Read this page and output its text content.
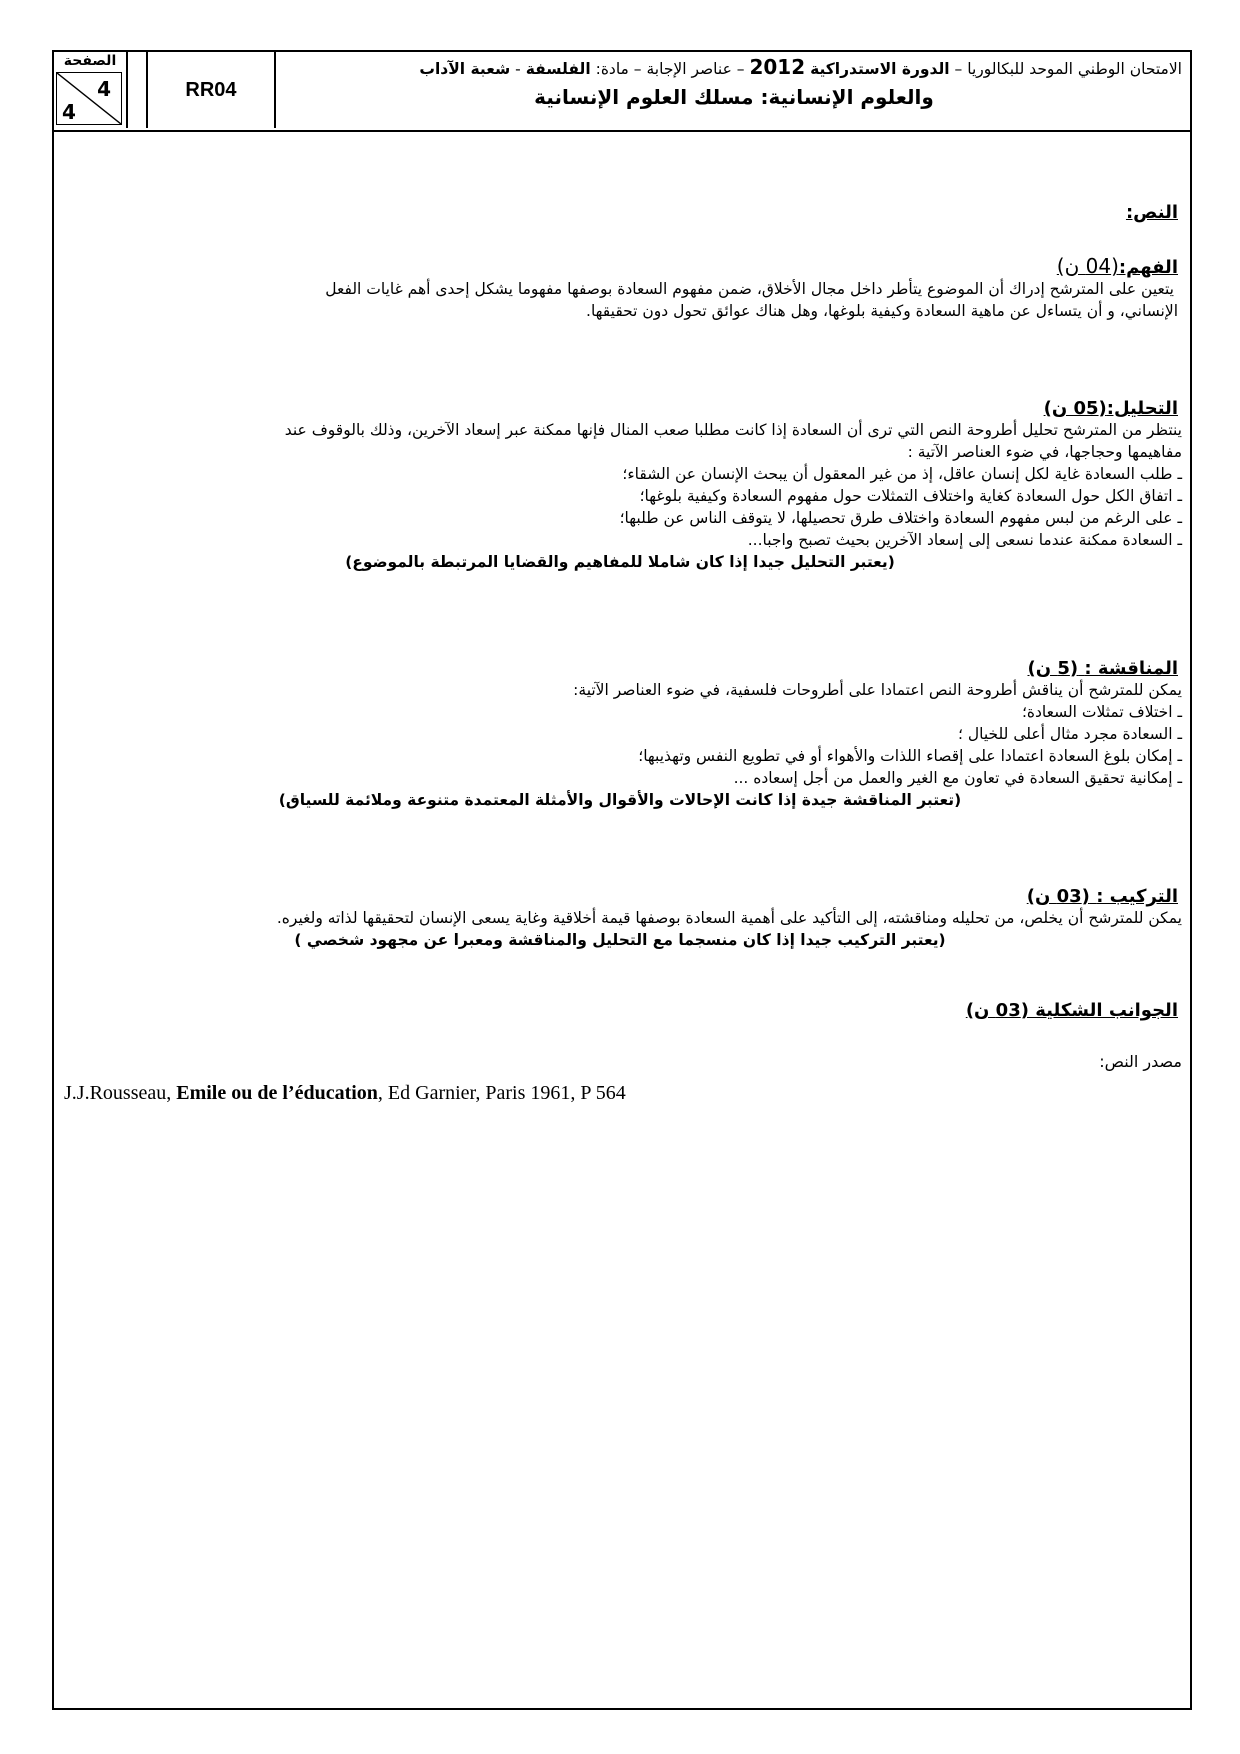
الصفحة
4
4
RR04
الامتحان الوطني الموحد للبكالوريا – الدورة الاستدراكية 2012 – عناصر الإجابة – مادة: الفلسفة - شعبة الآداب
والعلوم الإنسانية: مسلك العلوم الإنسانية
النص:
الفهم:(04 ن)

يتعين على المترشح إدراك أن الموضوع يتأطر داخل مجال الأخلاق، ضمن مفهوم السعادة بوصفها مفهوما يشكل إحدى أهم غايات الفعل

الإنساني، و أن يتساءل عن ماهية السعادة وكيفية بلوغها، وهل هناك عوائق تحول دون تحقيقها.

التحليل:(05 ن)

ينتظر من المترشح تحليل أطروحة النص التي ترى أن السعادة إذا كانت مطلبا صعب المنال فإنها ممكنة عبر إسعاد الآخرين، وذلك بالوقوف عند

مفاهيمها وحجاجها، في ضوء العناصر الآتية :

ـ طلب السعادة غاية لكل إنسان عاقل، إذ من غير المعقول أن يبحث الإنسان عن الشقاء؛
ـ اتفاق الكل حول السعادة كغاية واختلاف التمثلات حول مفهوم السعادة وكيفية بلوغها؛
ـ على الرغم من لبس مفهوم السعادة واختلاف طرق تحصيلها، لا يتوقف الناس عن طلبها؛
ـ السعادة ممكنة عندما نسعى إلى إسعاد الآخرين بحيث تصبح واجبا...
(يعتبر التحليل جيدا إذا كان شاملا للمفاهيم والقضايا المرتبطة بالموضوع)
المناقشة : (5 ن)
يمكن للمترشح أن يناقش أطروحة النص اعتمادا على أطروحات فلسفية، في ضوء العناصر الآتية:
ـ اختلاف تمثلات السعادة؛
ـ السعادة مجرد مثال أعلى للخيال ؛
ـ إمكان بلوغ السعادة اعتمادا على إقصاء اللذات والأهواء أو في تطويع النفس وتهذيبها؛
ـ إمكانية تحقيق السعادة في تعاون مع الغير والعمل من أجل إسعاده ...
(تعتبر المناقشة جيدة إذا كانت الإحالات والأقوال والأمثلة المعتمدة متنوعة وملائمة للسياق)
التركيب : (03 ن)
يمكن للمترشح أن يخلص، من تحليله ومناقشته، إلى التأكيد على أهمية السعادة بوصفها قيمة أخلاقية وغاية يسعى الإنسان لتحقيقها لذاته ولغيره.
(يعتبر التركيب جيدا إذا كان منسجما مع التحليل والمناقشة ومعبرا عن مجهود شخصي )
الجوانب الشكلية (03 ن)
مصدر النص:
J.J.Rousseau, Emile ou de l’éducation, Ed Garnier, Paris 1961, P 564
